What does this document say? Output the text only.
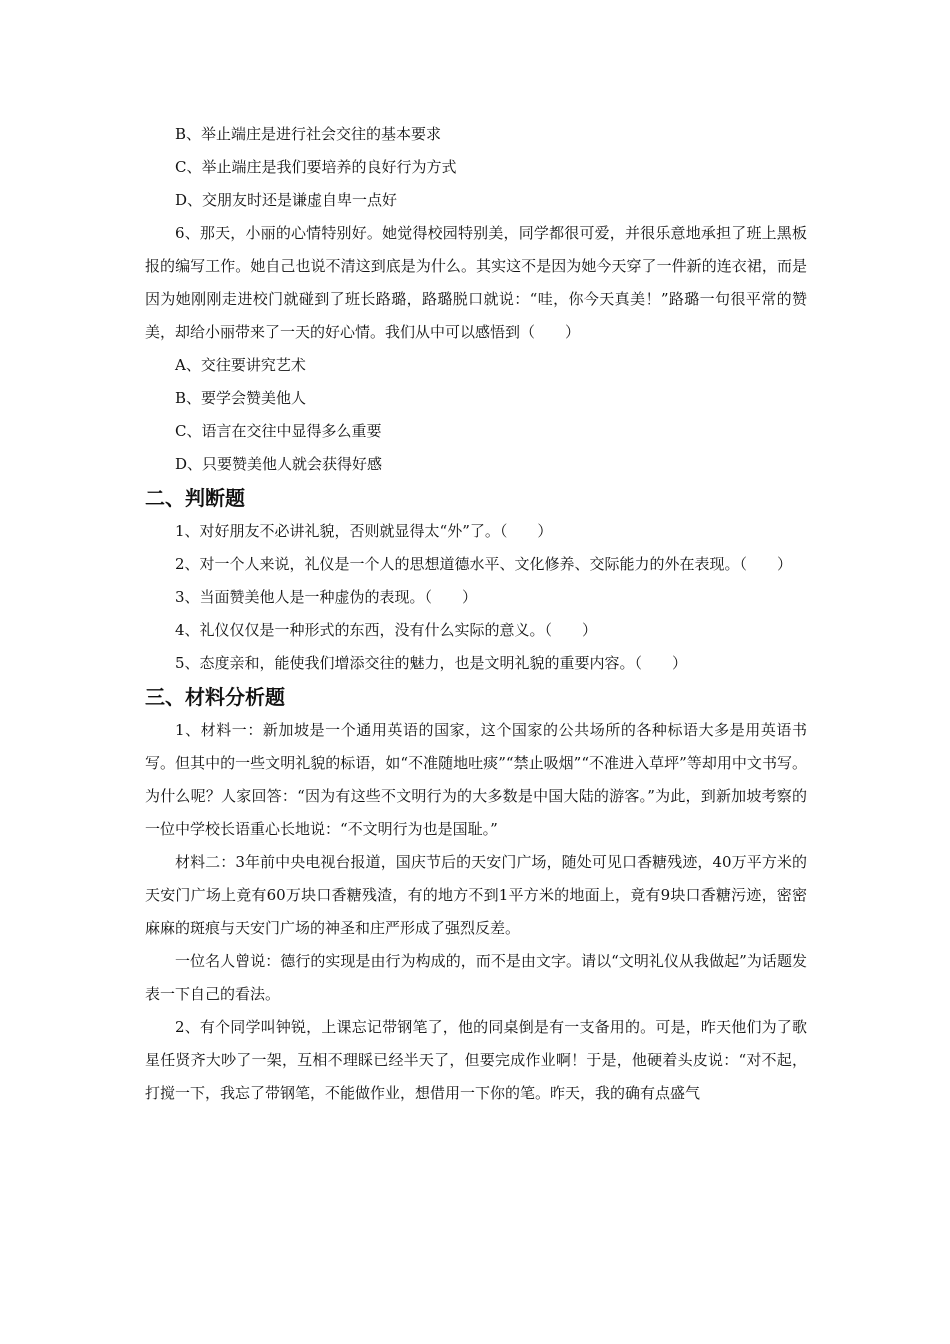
B、举止端庄是进行社会交往的基本要求

C、举止端庄是我们要培养的良好行为方式

D、交朋友时还是谦虚自卑一点好

6、那天，小丽的心情特别好。她觉得校园特别美，同学都很可爱，并很乐意地承担了班上黑板报的编写工作。她自己也说不清这到底是为什么。其实这不是因为她今天穿了一件新的连衣裙，而是因为她刚刚走进校门就碰到了班长路璐，路璐脱口就说：“哇，你今天真美！”路璐一句很平常的赞美，却给小丽带来了一天的好心情。我们从中可以感悟到（　　）

A、交往要讲究艺术

B、要学会赞美他人

C、语言在交往中显得多么重要

D、只要赞美他人就会获得好感

二、判断题

1、对好朋友不必讲礼貌，否则就显得太“外”了。（　　）

2、对一个人来说，礼仪是一个人的思想道德水平、文化修养、交际能力的外在表现。（　　）

3、当面赞美他人是一种虚伪的表现。（　　）

4、礼仪仅仅是一种形式的东西，没有什么实际的意义。（　　）

5、态度亲和，能使我们增添交往的魅力，也是文明礼貌的重要内容。（　　）

三、材料分析题

1、材料一：新加坡是一个通用英语的国家，这个国家的公共场所的各种标语大多是用英语书写。但其中的一些文明礼貌的标语，如“不准随地吐痰”“禁止吸烟”“不准进入草坪”等却用中文书写。为什么呢？人家回答：“因为有这些不文明行为的大多数是中国大陆的游客。”为此，到新加坡考察的一位中学校长语重心长地说：“不文明行为也是国耻。”

材料二：3年前中央电视台报道，国庆节后的天安门广场，随处可见口香糖残迹，40万平方米的天安门广场上竟有60万块口香糖残渣，有的地方不到1平方米的地面上，竟有9块口香糖污迹，密密麻麻的斑痕与天安门广场的神圣和庄严形成了强烈反差。

一位名人曾说：德行的实现是由行为构成的，而不是由文字。请以“文明礼仪从我做起”为话题发表一下自己的看法。

2、有个同学叫钟锐，上课忘记带钢笔了，他的同桌倒是有一支备用的。可是，昨天他们为了歌星任贤齐大吵了一架，互相不理睬已经半天了，但要完成作业啊！于是，他硬着头皮说：“对不起，打搅一下，我忘了带钢笔，不能做作业，想借用一下你的笔。昨天，我的确有点盛气
